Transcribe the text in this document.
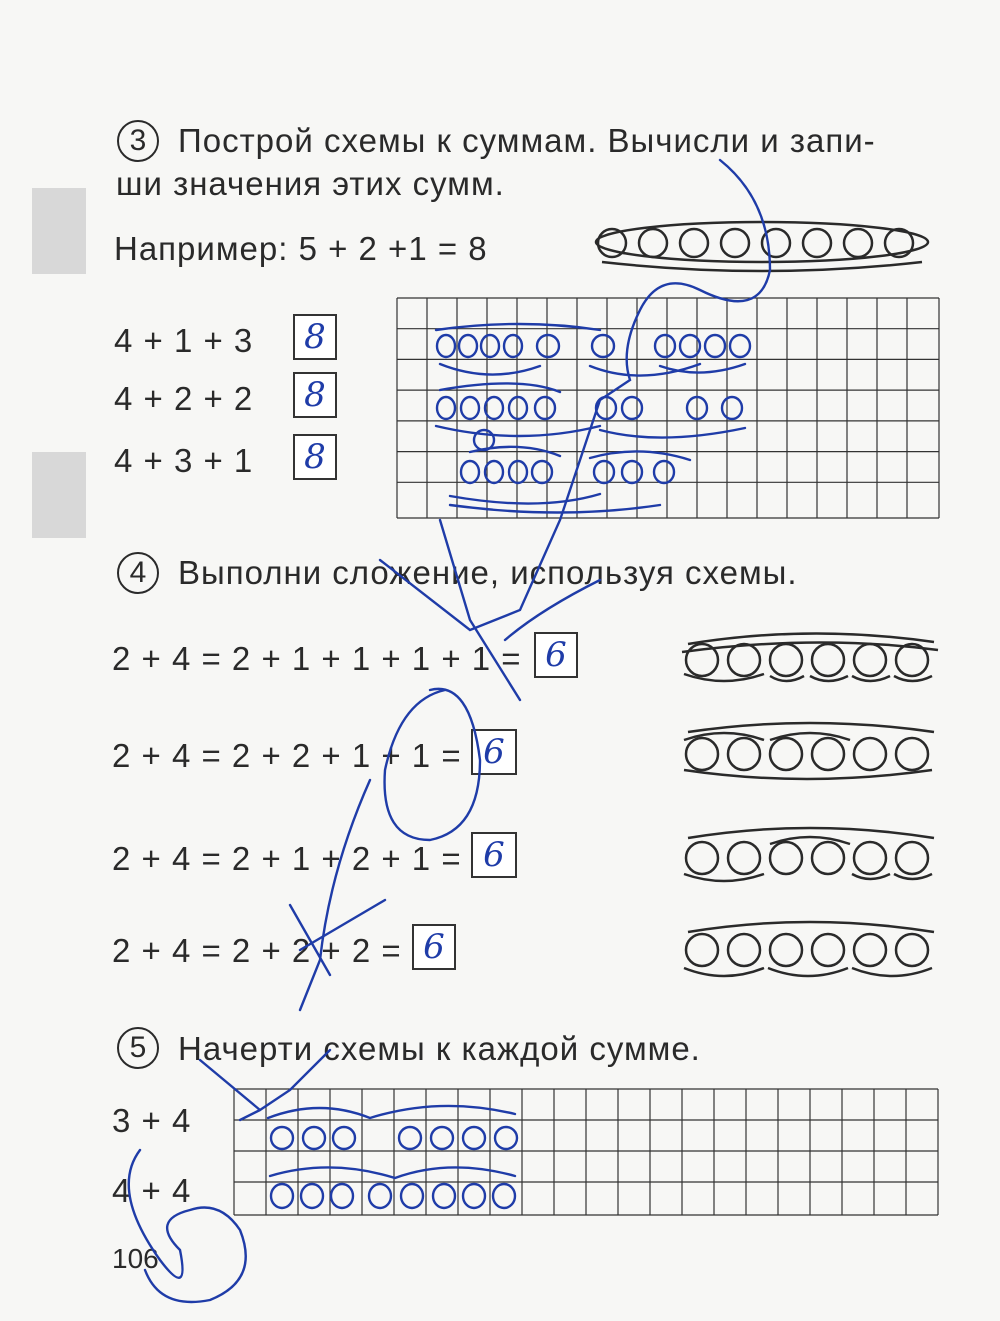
3 Построй схемы к суммам. Вычисли и запи-
ши значения этих сумм.
Например: 5 + 2 +1 = 8
4 + 1 + 3	8
4 + 2 + 2	8
4 + 3 + 1	8
4 Выполни сложение, используя схемы.
2 + 4 = 2 + 1 + 1 + 1 + 1 = 6
2 + 4 = 2 + 2 + 1 + 1 = 6
2 + 4 = 2 + 1 + 2 + 1 = 6
2 + 4 = 2 + 2 + 2 = 6
5 Начерти схемы к каждой сумме.
3 + 4
4 + 4
106
